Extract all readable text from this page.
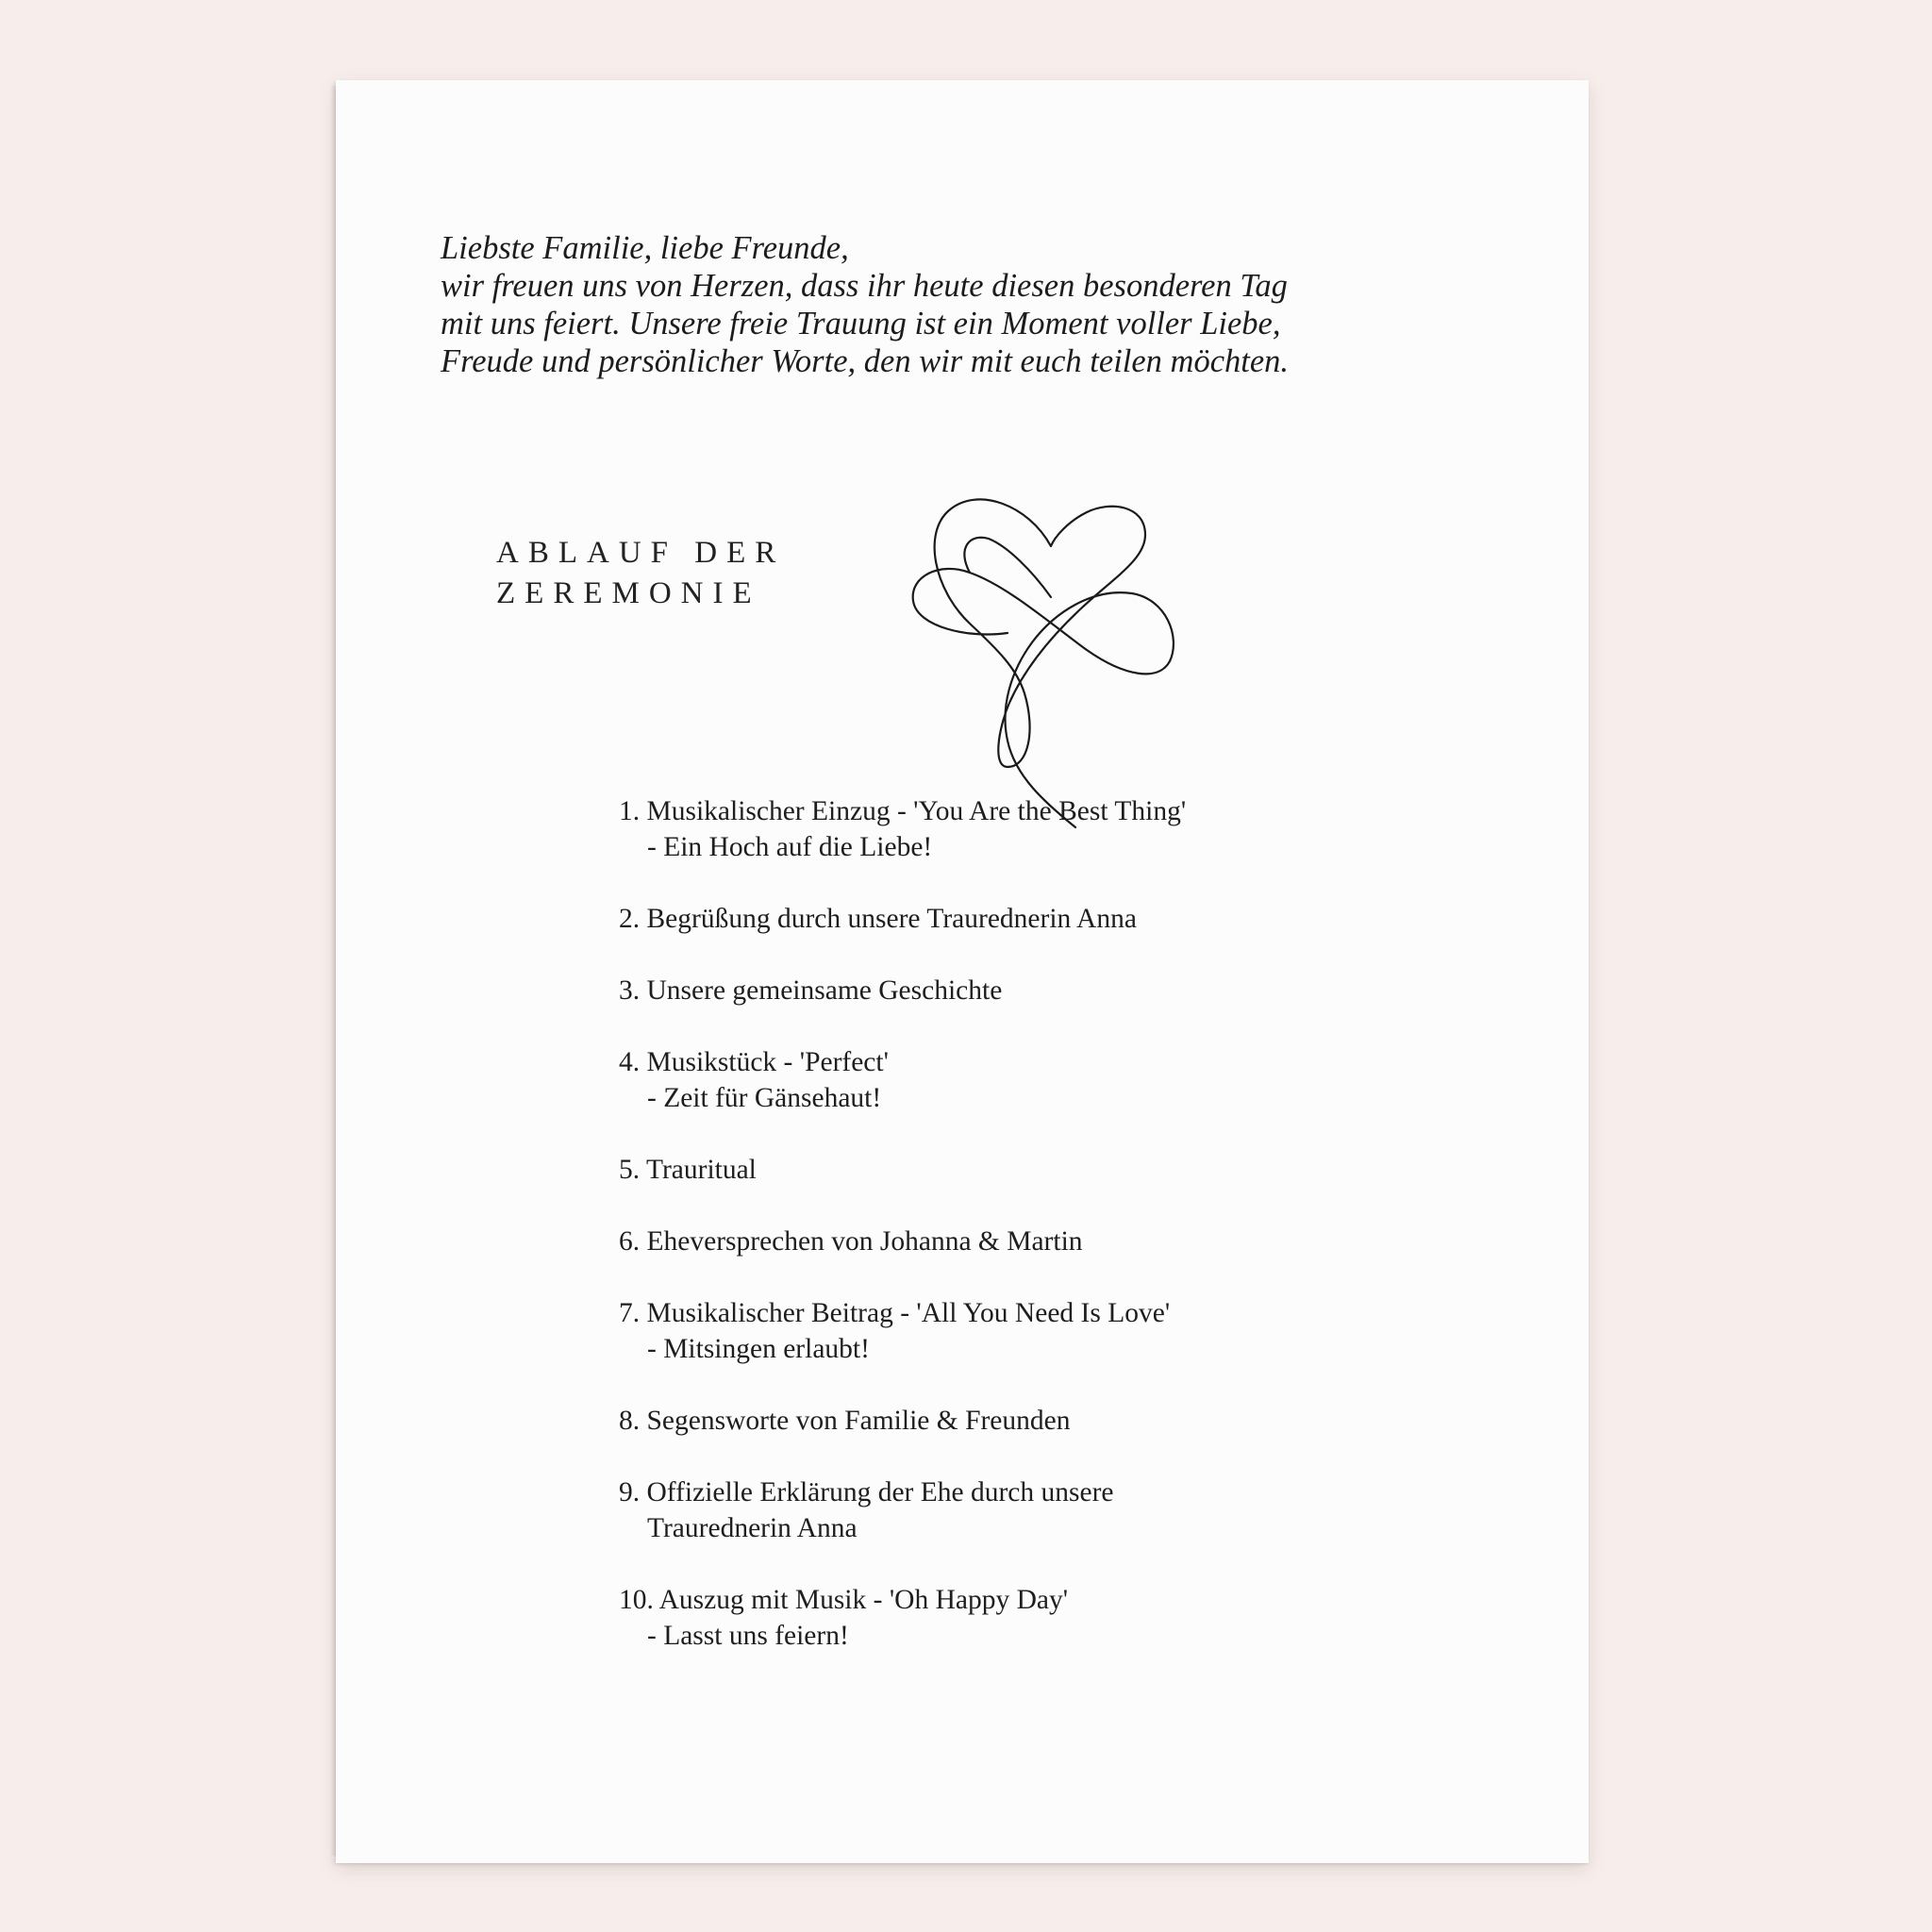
Liebste Familie, liebe Freunde,
wir freuen uns von Herzen, dass ihr heute diesen besonderen Tag
mit uns feiert. Unsere freie Trauung ist ein Moment voller Liebe,
Freude und persönlicher Worte, den wir mit euch teilen möchten.

ABLAUF DER
ZEREMONIE
1. Musikalischer Einzug - 'You Are the Best Thing'
- Ein Hoch auf die Liebe!
2. Begrüßung durch unsere Traurednerin Anna
3. Unsere gemeinsame Geschichte
4. Musikstück - 'Perfect'
- Zeit für Gänsehaut!
5. Trauritual
6. Eheversprechen von Johanna & Martin
7. Musikalischer Beitrag - 'All You Need Is Love'
- Mitsingen erlaubt!
8. Segensworte von Familie & Freunden
9. Offizielle Erklärung der Ehe durch unsere
Traurednerin Anna
10. Auszug mit Musik - 'Oh Happy Day'
- Lasst uns feiern!
